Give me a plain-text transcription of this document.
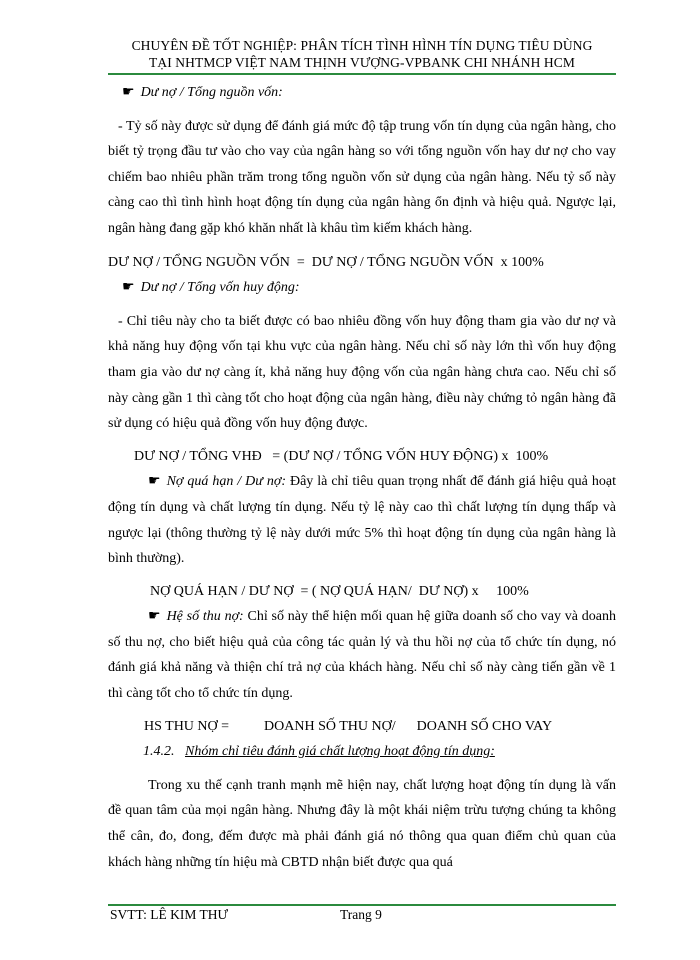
CHUYÊN ĐỀ TỐT NGHIỆP: PHÂN TÍCH TÌNH HÌNH TÍN DỤNG TIÊU DÙNG
TẠI NHTMCP VIỆT NAM THỊNH VƯỢNG-VPBANK CHI NHÁNH HCM

☛ Dư nợ / Tổng nguồn vốn:

- Tỷ số này được sử dụng để đánh giá mức độ tập trung vốn tín dụng của ngân hàng, cho biết tỷ trọng đầu tư vào cho vay của ngân hàng so với tổng nguồn vốn hay dư nợ cho vay chiếm bao nhiêu phần trăm trong tổng nguồn vốn sử dụng của ngân hàng. Nếu tỷ số này càng cao thì tình hình hoạt động tín dụng của ngân hàng ổn định và hiệu quả. Ngược lại, ngân hàng đang gặp khó khăn nhất là khâu tìm kiếm khách hàng.

DƯ NỢ / TỔNG NGUỒN VỐN  =  DƯ NỢ / TỔNG NGUỒN VỐN  x 100%

☛ Dư nợ / Tổng vốn huy động:

- Chỉ tiêu này cho ta biết được có bao nhiêu đồng vốn huy động tham gia vào dư nợ và khả năng huy động vốn tại khu vực của ngân hàng. Nếu chỉ số này lớn thì vốn huy động tham gia vào dư nợ càng ít, khả năng huy động vốn của ngân hàng chưa cao. Nếu chỉ số này càng gần 1 thì càng tốt cho hoạt động của ngân hàng, điều này chứng tỏ ngân hàng đã sử dụng có hiệu quả đồng vốn huy động được.

DƯ NỢ / TỔNG VHĐ   = (DƯ NỢ / TỔNG VỐN HUY ĐỘNG) x  100%

☛ Nợ quá hạn / Dư nợ: Đây là chỉ tiêu quan trọng nhất để đánh giá hiệu quả hoạt động tín dụng và chất lượng tín dụng. Nếu tỷ lệ này cao thì chất lượng tín dụng thấp và ngược lại (thông thường tỷ lệ này dưới mức 5% thì hoạt động tín dụng của ngân hàng là bình thường).

NỢ QUÁ HẠN / DƯ NỢ  = ( NỢ QUÁ HẠN/  DƯ NỢ) x     100%

☛ Hệ số thu nợ: Chỉ số này thể hiện mối quan hệ giữa doanh số cho vay và doanh số thu nợ, cho biết hiệu quả của công tác quản lý và thu hồi nợ của tổ chức tín dụng, nó đánh giá khả năng và thiện chí trả nợ của khách hàng. Nếu chỉ số này càng tiến gần về 1 thì càng tốt cho tổ chức tín dụng.

HS THU NỢ =          DOANH SỐ THU NỢ/      DOANH SỐ CHO VAY

1.4.2. Nhóm chỉ tiêu đánh giá chất lượng hoạt động tín dụng:

Trong xu thế cạnh tranh mạnh mẽ hiện nay, chất lượng hoạt động tín dụng là vấn đề quan tâm của mọi ngân hàng. Nhưng đây là một khái niệm trừu tượng chúng ta không thể cân, đo, đong, đếm được mà phải đánh giá nó thông qua quan điểm chủ quan của khách hàng những tín hiệu mà CBTD nhận biết được qua quá

SVTT: LÊ KIM THƯ	Trang 9
